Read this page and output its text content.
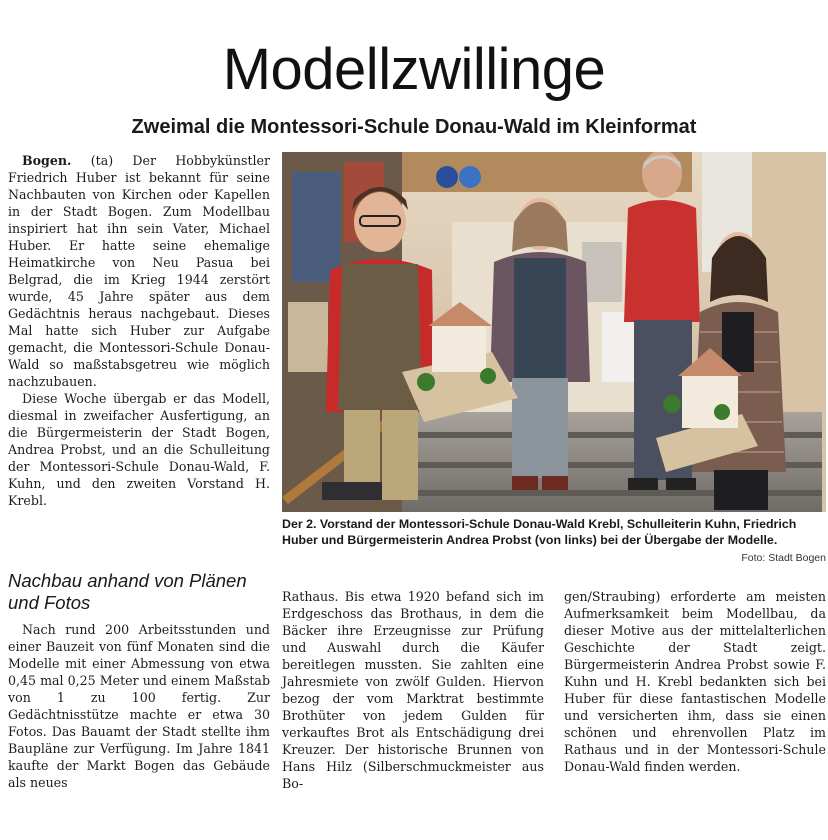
Modellzwillinge
Zweimal die Montessori-Schule Donau-Wald im Kleinformat

Bogen. (ta) Der Hobbykünstler Friedrich Huber ist bekannt für seine Nachbauten von Kirchen oder Kapellen in der Stadt Bogen. Zum Modellbau inspiriert hat ihn sein Vater, Michael Huber. Er hatte seine ehemalige Heimatkirche von Neu Pasua bei Belgrad, die im Krieg 1944 zerstört wurde, 45 Jahre später aus dem Gedächtnis heraus nachgebaut. Dieses Mal hatte sich Huber zur Aufgabe gemacht, die Montessori-Schule Donau-Wald so maßstabsgetreu wie möglich nachzubauen.

Diese Woche übergab er das Modell, diesmal in zweifacher Ausfertigung, an die Bürgermeisterin der Stadt Bogen, Andrea Probst, und an die Schulleitung der Montessori-Schule Donau-Wald, F. Kuhn, und den zweiten Vorstand H. Krebl.

Nachbau anhand von Plänen und Fotos

Nach rund 200 Arbeitsstunden und einer Bauzeit von fünf Monaten sind die Modelle mit einer Abmessung von etwa 0,45 mal 0,25 Meter und einem Maßstab von 1 zu 100 fertig. Zur Gedächtnisstütze machte er etwa 30 Fotos. Das Bauamt der Stadt stellte ihm Baupläne zur Verfügung. Im Jahre 1841 kaufte der Markt Bogen das Gebäude als neues

Der 2. Vorstand der Montessori-Schule Donau-Wald Krebl, Schulleiterin Kuhn, Friedrich Huber und Bürgermeisterin Andrea Probst (von links) bei der Übergabe der Modelle.
Foto: Stadt Bogen

Rathaus. Bis etwa 1920 befand sich im Erdgeschoss das Brothaus, in dem die Bäcker ihre Erzeugnisse zur Prüfung und Auswahl durch die Käufer bereitlegen mussten. Sie zahlten eine Jahresmiete von zwölf Gulden. Hiervon bezog der vom Marktrat bestimmte Brothüter von jedem Gulden für verkauftes Brot als Entschädigung drei Kreuzer. Der historische Brunnen von Hans Hilz (Silberschmuckmeister aus Bo-

gen/Straubing) erforderte am meisten Aufmerksamkeit beim Modellbau, da dieser Motive aus der mittelalterlichen Geschichte der Stadt zeigt. Bürgermeisterin Andrea Probst sowie F. Kuhn und H. Krebl bedankten sich bei Huber für diese fantastischen Modelle und versicherten ihm, dass sie einen schönen und ehrenvollen Platz im Rathaus und in der Montessori-Schule Donau-Wald finden werden.
